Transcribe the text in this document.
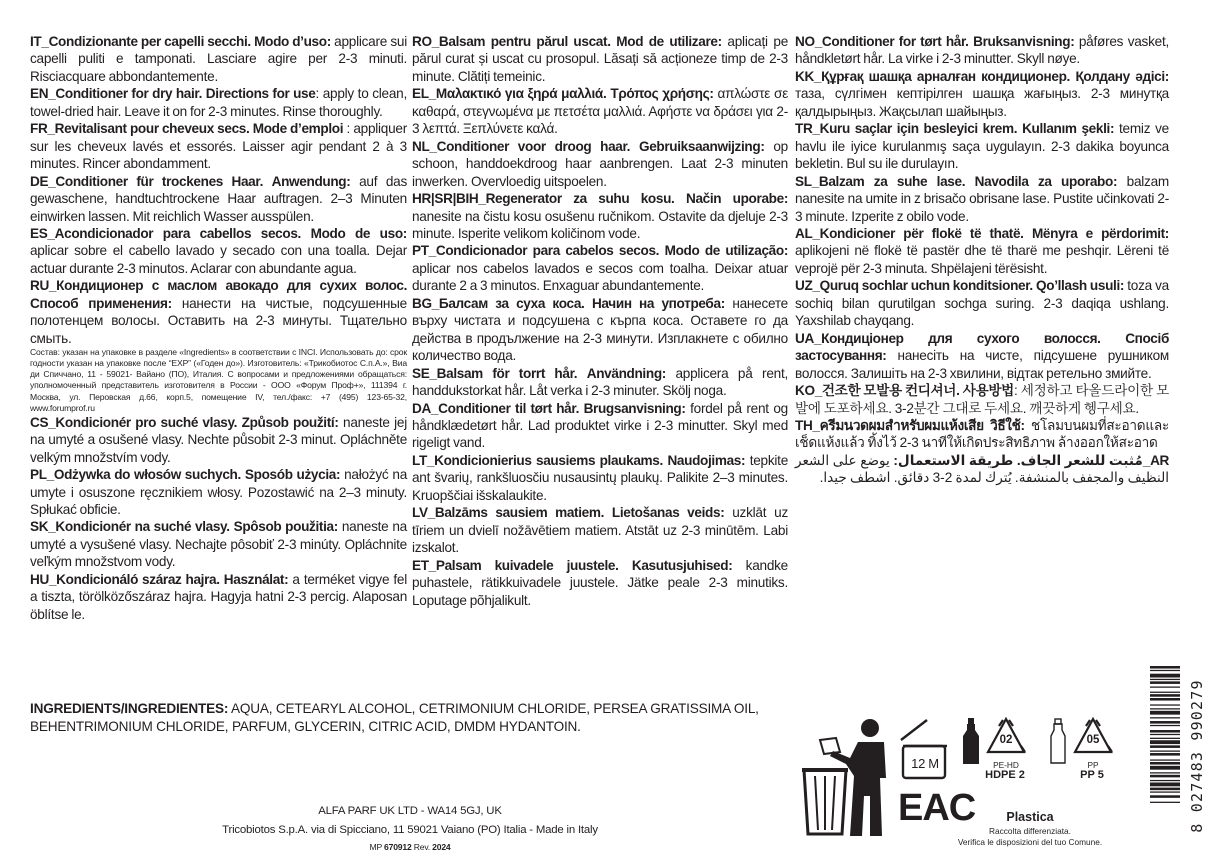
IT_Condizionante per capelli secchi. Modo d’uso: applicare sui capelli puliti e tamponati. Lasciare agire per 2-3 minuti. Risciacquare abbondantemente.

EN_Conditioner for dry hair. Directions for use: apply to clean, towel-dried hair. Leave it on for 2-3 minutes. Rinse thoroughly.

FR_Revitalisant pour cheveux secs. Mode d’emploi : appliquer sur les cheveux lavés et essorés. Laisser agir pendant 2 à 3 minutes. Rincer abondamment.

DE_Conditioner für trockenes Haar. Anwendung: auf das gewaschene, handtuchtrockene Haar auftragen. 2–3 Minuten einwirken lassen. Mit reichlich Wasser ausspülen.

ES_Acondicionador para cabellos secos. Modo de uso: aplicar sobre el cabello lavado y secado con una toalla. Dejar actuar durante 2-3 minutos. Aclarar con abundante agua.

RU_Кондиционер с маслом авокадо для сухих волос. Способ применения: нанести на чистые, подсушенные полотенцем волосы. Оставить на 2-3 минуты. Тщательно смыть.

Состав: указан на упаковке в разделе «Ingredients» в соответствии с INCI. Использовать до: срок годности указан на упаковке после “EXP” («Годен до»). Изготовитель: «Трикобиотос С.п.А.», Виа ди Спиччано, 11 - 59021- Вайано (ПО), Италия. С вопросами и предложениями обращаться: уполномоченный представитель изготовителя в России - ООО «Форум Проф+», 111394 г. Москва, ул. Перовская д.66, корп.5, помещение IV, тел./факс: +7 (495) 123-65-32, www.forumprof.ru

CS_Kondicionér pro suché vlasy. Způsob použití: naneste jej na umyté a osušené vlasy. Nechte působit 2-3 minut. Opláchněte velkým množstvím vody.

PL_Odżywka do włosów suchych. Sposób użycia: nałożyć na umyte i osuszone ręcznikiem włosy. Pozostawić na 2–3 minuty. Spłukać obficie.

SK_Kondicionér na suché vlasy. Spôsob použitia: naneste na umyté a vysušené vlasy. Nechajte pôsobiť 2-3 minúty. Opláchnite veľkým množstvom vody.

HU_Kondicionáló száraz hajra. Használat: a terméket vigye fel a tiszta, törölközőszáraz hajra. Hagyja hatni 2-3 percig. Alaposan öblítse le.

RO_Balsam pentru părul uscat. Mod de utilizare: aplicați pe părul curat și uscat cu prosopul. Lăsați să acționeze timp de 2-3 minute. Clătiți temeinic.

EL_Μαλακτικό για ξηρά μαλλιά. Τρόπος χρήσης: απλώστε σε καθαρά, στεγνωμένα με πετσέτα μαλλιά. Αφήστε να δράσει για 2-3 λεπτά. Ξεπλύνετε καλά.

NL_Conditioner voor droog haar. Gebruiksaanwijzing: op schoon, handdoekdroog haar aanbrengen. Laat 2-3 minuten inwerken. Overvloedig uitspoelen.

HR|SR|BIH_Regenerator za suhu kosu. Način uporabe: nanesite na čistu kosu osušenu ručnikom. Ostavite da djeluje 2-3 minute. Isperite velikom količinom vode.

PT_Condicionador para cabelos secos. Modo de utilização: aplicar nos cabelos lavados e secos com toalha. Deixar atuar durante 2 a 3 minutos. Enxaguar abundantemente.

BG_Балсам за суха коса. Начин на употреба: нанесете върху чистата и подсушена с кърпа коса. Оставете го да действа в продължение на 2-3 минути. Изплакнете с обилно количество вода.

SE_Balsam för torrt hår. Användning: applicera på rent, handdukstorkat hår. Låt verka i 2-3 minuter. Skölj noga.

DA_Conditioner til tørt hår. Brugsanvisning: fordel på rent og håndklædetørt hår. Lad produktet virke i 2-3 minutter. Skyl med rigeligt vand.

LT_Kondicionierius sausiems plaukams. Naudojimas: tepkite ant švarių, rankšluosčiu nusausintų plaukų. Palikite 2–3 minutes. Kruopščiai išskalaukite.

LV_Balzāms sausiem matiem. Lietošanas veids: uzklāt uz tīriem un dvielī nožāvētiem matiem. Atstāt uz 2-3 minūtēm. Labi izskalot.

ET_Palsam kuivadele juustele. Kasutusjuhised: kandke puhastele, rätikkuivadele juustele. Jätke peale 2-3 minutiks. Loputage põhjalikult.

NO_Conditioner for tørt hår. Bruksanvisning: påføres vasket, håndkletørt hår. La virke i 2-3 minutter. Skyll nøye.

KK_Құрғақ шашқа арналған кондиционер. Қолдану әдісі: таза, сүлгімен кептірілген шашқа жағыңыз. 2-3 минутқа қалдырыңыз. Жақсылап шайыңыз.

TR_Kuru saçlar için besleyici krem. Kullanım şekli: temiz ve havlu ile iyice kurulanmış saça uygulayın. 2-3 dakika boyunca bekletin. Bul su ile durulayın.

SL_Balzam za suhe lase. Navodila za uporabo: balzam nanesite na umite in z brisačo obrisane lase. Pustite učinkovati 2-3 minute. Izperite z obilo vode.

AL_Kondicioner për flokë të thatë. Mënyra e përdorimit: aplikojeni në flokë të pastër dhe të tharë me peshqir. Lëreni të veprojë për 2-3 minuta. Shpëlajeni tërësisht.

UZ_Quruq sochlar uchun konditsioner. Qo’llash usuli: toza va sochiq bilan qurutilgan sochga suring. 2-3 daqiqa ushlang. Yaxshilab chayqang.

UA_Кондиціонер для сухого волосся. Спосіб застосування: нанесіть на чисте, підсушене рушником волосся. Залишіть на 2-3 хвилини, відтак ретельно змийте.

KO_건조한 모발용 컨디셔너. 사용방법: 세정하고 타올드라이한 모발에 도포하세요. 3-2분간 그대로 두세요. 깨끗하게 헹구세요.

TH_ครีมนวดผมสำหรับผมแห้งเสีย วิธีใช้: ชโลมบนผมที่สะอาดและเช็ดแห้งแล้ว ทิ้งไว้ 2-3 นาทีให้เกิดประสิทธิภาพ ล้างออกให้สะอาด

AR_مُثبت للشعر الجاف. طريقة الاستعمال: يوضع على الشعر النظيف والمجفف بالمنشفة. يُترك لمدة 2-3 دقائق. اشطف جيدا.

INGREDIENTS/INGREDIENTES: AQUA, CETEARYL ALCOHOL, CETRIMONIUM CHLORIDE, PERSEA GRATISSIMA OIL, BEHENTRIMONIUM CHLORIDE, PARFUM, GLYCERIN, CITRIC ACID, DMDM HYDANTOIN.
ALFA PARF UK LTD - WA14 5GJ, UK
Tricobiotos S.p.A. via di Spicciano, 11 59021 Vaiano (PO) Italia - Made in Italy
MP 670912 Rev. 2024
12 M
EAC
02
PE-HD
HDPE 2
05
PP
PP 5
Plastica
Raccolta differenziata.
Verifica le disposizioni del tuo Comune.
8 027483 990279
